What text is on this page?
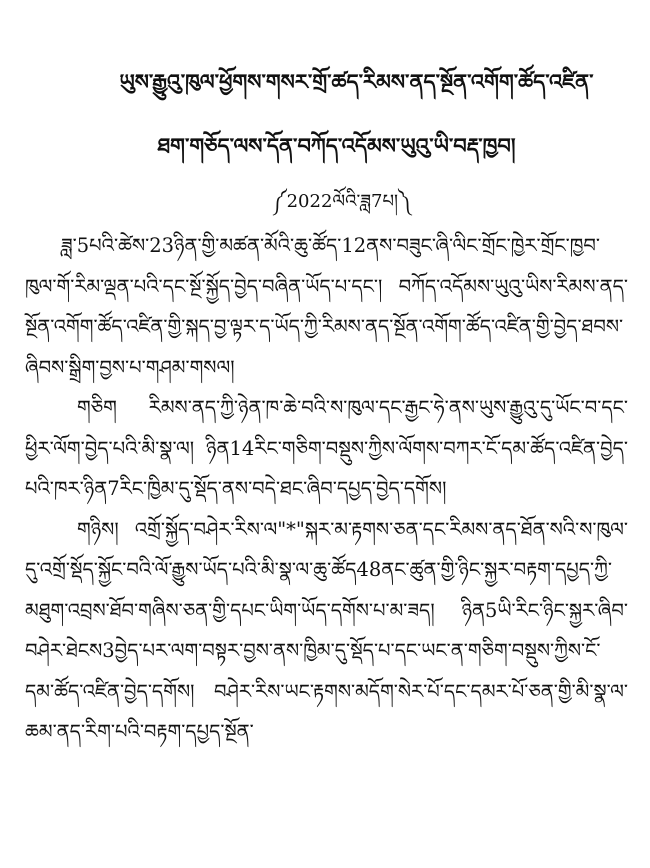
ཡུས་རྒྱུའུ་ཁུལ་ཕྱོགས་གསར་གྲོ་ཚད་རིམས་ནད་སྔོན་འགོག་ཚོད་འཛིན་
ཐག་གཅོད་ལས་དོན་བཀོད་འདོམས་ཡུའུ་ཡི་བརྡ་ཁྱབ།
༼2022ལོའི་ཟླ7པ།༽

ཟླ་5པའི་ཚེས་23ཉིན་གྱི་མཚན་མོའི་ཆུ་ཚོད་12ནས་བཟུང་ཞི་ལིང་གྲོང་ཁྱེར་གྲོང་ཁྱབ་ཁུལ་གོ་རིམ་ལྡན་པའི་དང་སྔོ་སྐྱོད་བྱེད་བཞིན་ཡོད་པ་དང་། བཀོད་འདོམས་ཡུའུ་ཡིས་རིམས་ནད་སྔོན་འགོག་ཚོད་འཛིན་གྱི་སྐད་བྱ་ལྟར་ད་ཡོད་ཀྱི་རིམས་ནད་སྔོན་འགོག་ཚོད་འཛིན་གྱི་བྱེད་ཐབས་ཞིབས་སྒྲིག་བྱས་པ་གཤམ་གསལ།

གཅིག རིམས་ནད་ཀྱི་ཉེན་ཁ་ཆེ་བའི་ས་ཁུལ་དང་རྒྱང་ཧེ་ནས་ཡུས་རྒྱུའུ་དུ་ཡོང་བ་དང་ཕྱིར་ལོག་བྱེད་པའི་མི་སྣ་ལ། ཉིན14རིང་གཅིག་བསྡུས་ཀྱིས་ལོགས་བཀར་ངོ་དམ་ཚོད་འཛིན་བྱེད་པའི་ཁར་ཉིན7རིང་ཁྱིམ་དུ་སྡོད་ནས་བདེ་ཐང་ཞིབ་དཔྱད་བྱེད་དགོས།

གཉིས། འགྲོ་སྐྱོད་བཤེར་རིས་ལ"*"སྐར་མ་རྟགས་ཅན་དང་རིམས་ནད་ཐོན་སའི་ས་ཁུལ་དུ་འགྲོ་སྡོད་སྐྱོང་བའི་ལོ་རྒྱུས་ཡོད་པའི་མི་སྣ་ལ་ཆུ་ཚོད48ནང་ཚུན་གྱི་ཉིང་སྐྱར་བརྟག་དཔྱད་ཀྱི་མཐུག་འབྲས་ཐོབ་གཞིས་ཅན་གྱི་དཔང་ཡིག་ཡོད་དགོས་པ་མ་ཟད། ཉིན5ཡི་རིང་ཉིང་སྐྱར་ཞིབ་བཤེར་ཐེངས3བྱེད་པར་ལག་བསྟར་བྱས་ནས་ཁྱིམ་དུ་སྡོད་པ་དང་ཡང་ན་གཅིག་བསྡུས་ཀྱིས་ངོ་དམ་ཚོད་འཛིན་བྱེད་དགོས། བཤེར་རིས་ཡང་རྟགས་མདོག་སེར་པོ་དང་དམར་པོ་ཅན་གྱི་མི་སྣ་ལ་ཆམ་ནད་རིག་པའི་བརྟག་དཔྱད་སྔོན་
